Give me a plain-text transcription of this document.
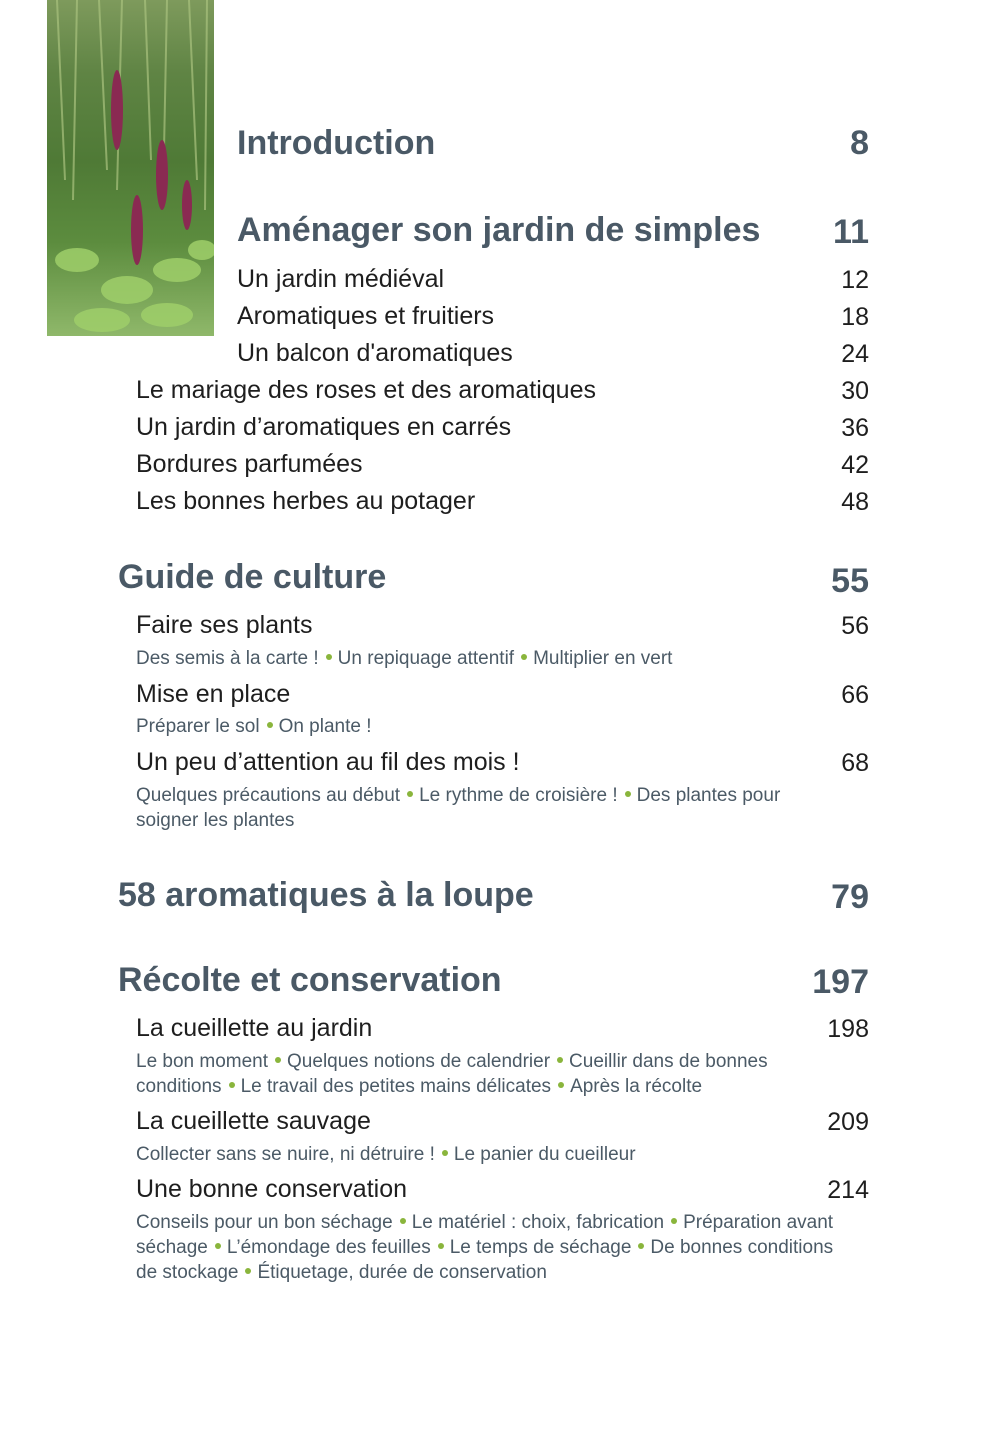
Introduction	8
Aménager son jardin de simples 11
Un jardin médiéval	12
Aromatiques et fruitiers	18
Un balcon d'aromatiques	24
Le mariage des roses et des aromatiques	30
Un jardin d’aromatiques en carrés	36
Bordures parfumées	42
Les bonnes herbes au potager	48
Guide de culture	55
Faire ses plants	56
Des semis à la carte ! Un repiquage attentif Multiplier en vert
Mise en place	66
Préparer le sol On plante !
Un peu d’attention au fil des mois !	68
Quelques précautions au début Le rythme de croisière ! Des plantes pour soigner les plantes
58 aromatiques à la loupe	79
Récolte et conservation	197
La cueillette au jardin	198
Le bon moment Quelques notions de calendrier Cueillir dans de bonnes conditions Le travail des petites mains délicates Après la récolte
La cueillette sauvage	209
Collecter sans se nuire, ni détruire ! Le panier du cueilleur
Une bonne conservation	214
Conseils pour un bon séchage Le matériel : choix, fabrication Préparation avant séchage L’émondage des feuilles Le temps de séchage De bonnes conditions de stockage Étiquetage, durée de conservation
